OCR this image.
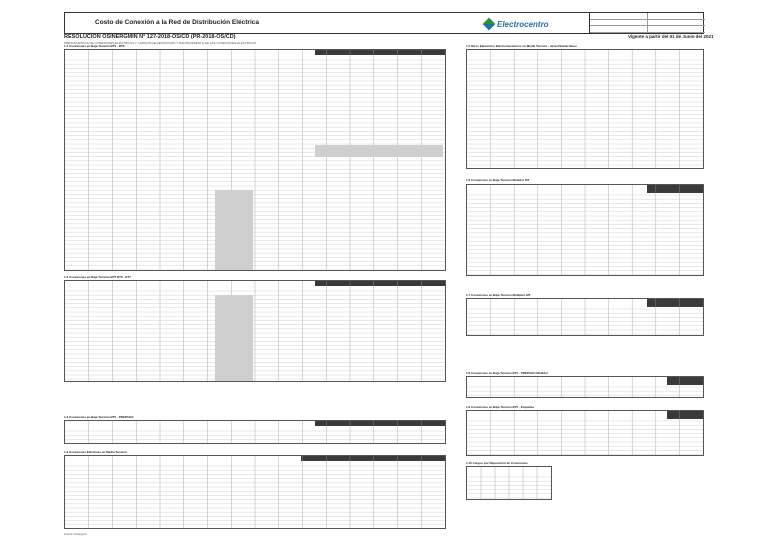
Costo de Conexión a la Red de Distribución Eléctrica	Electrocentro
RESOLUCIÓN OSINERGMIN N° 127-2018-OS/CD (PR-2018-OS/CD)
PRESUPUESTOS DE CONEXIONES ELÉCTRICAS Y CARGOS DE REPOSICIÓN Y MANTENIMIENTO DE LAS CONEXIONES ELÉCTRICAS
Vigente a partir del 01 de Junio del 2021
1.1 Conexiones en Baja Tensión BT5 - BT6
1.2 Conexiones en Baja Tensión BT5 BT6 - BT7
1.3 Conexiones en Baja Tensión BT5 - PREPAGO
1.4 Conexiones Eléctricas en Media Tensión
1.5 Otros Elementos Electromecánicos en Media Tensión - Aéreo/Subterráneo
1.6 Conexiones en Baja Tensión Medidor MT
1.7 Conexiones en Baja Tensión Multiples MT
1.8 Conexiones en Baja Tensión BT5 - PREPAGO Medidor
1.9 Conexiones en Baja Tensión BT5 - Empalme
1.10 Cargos por Reposición de Conexiones
Fuente: Osinergmin
